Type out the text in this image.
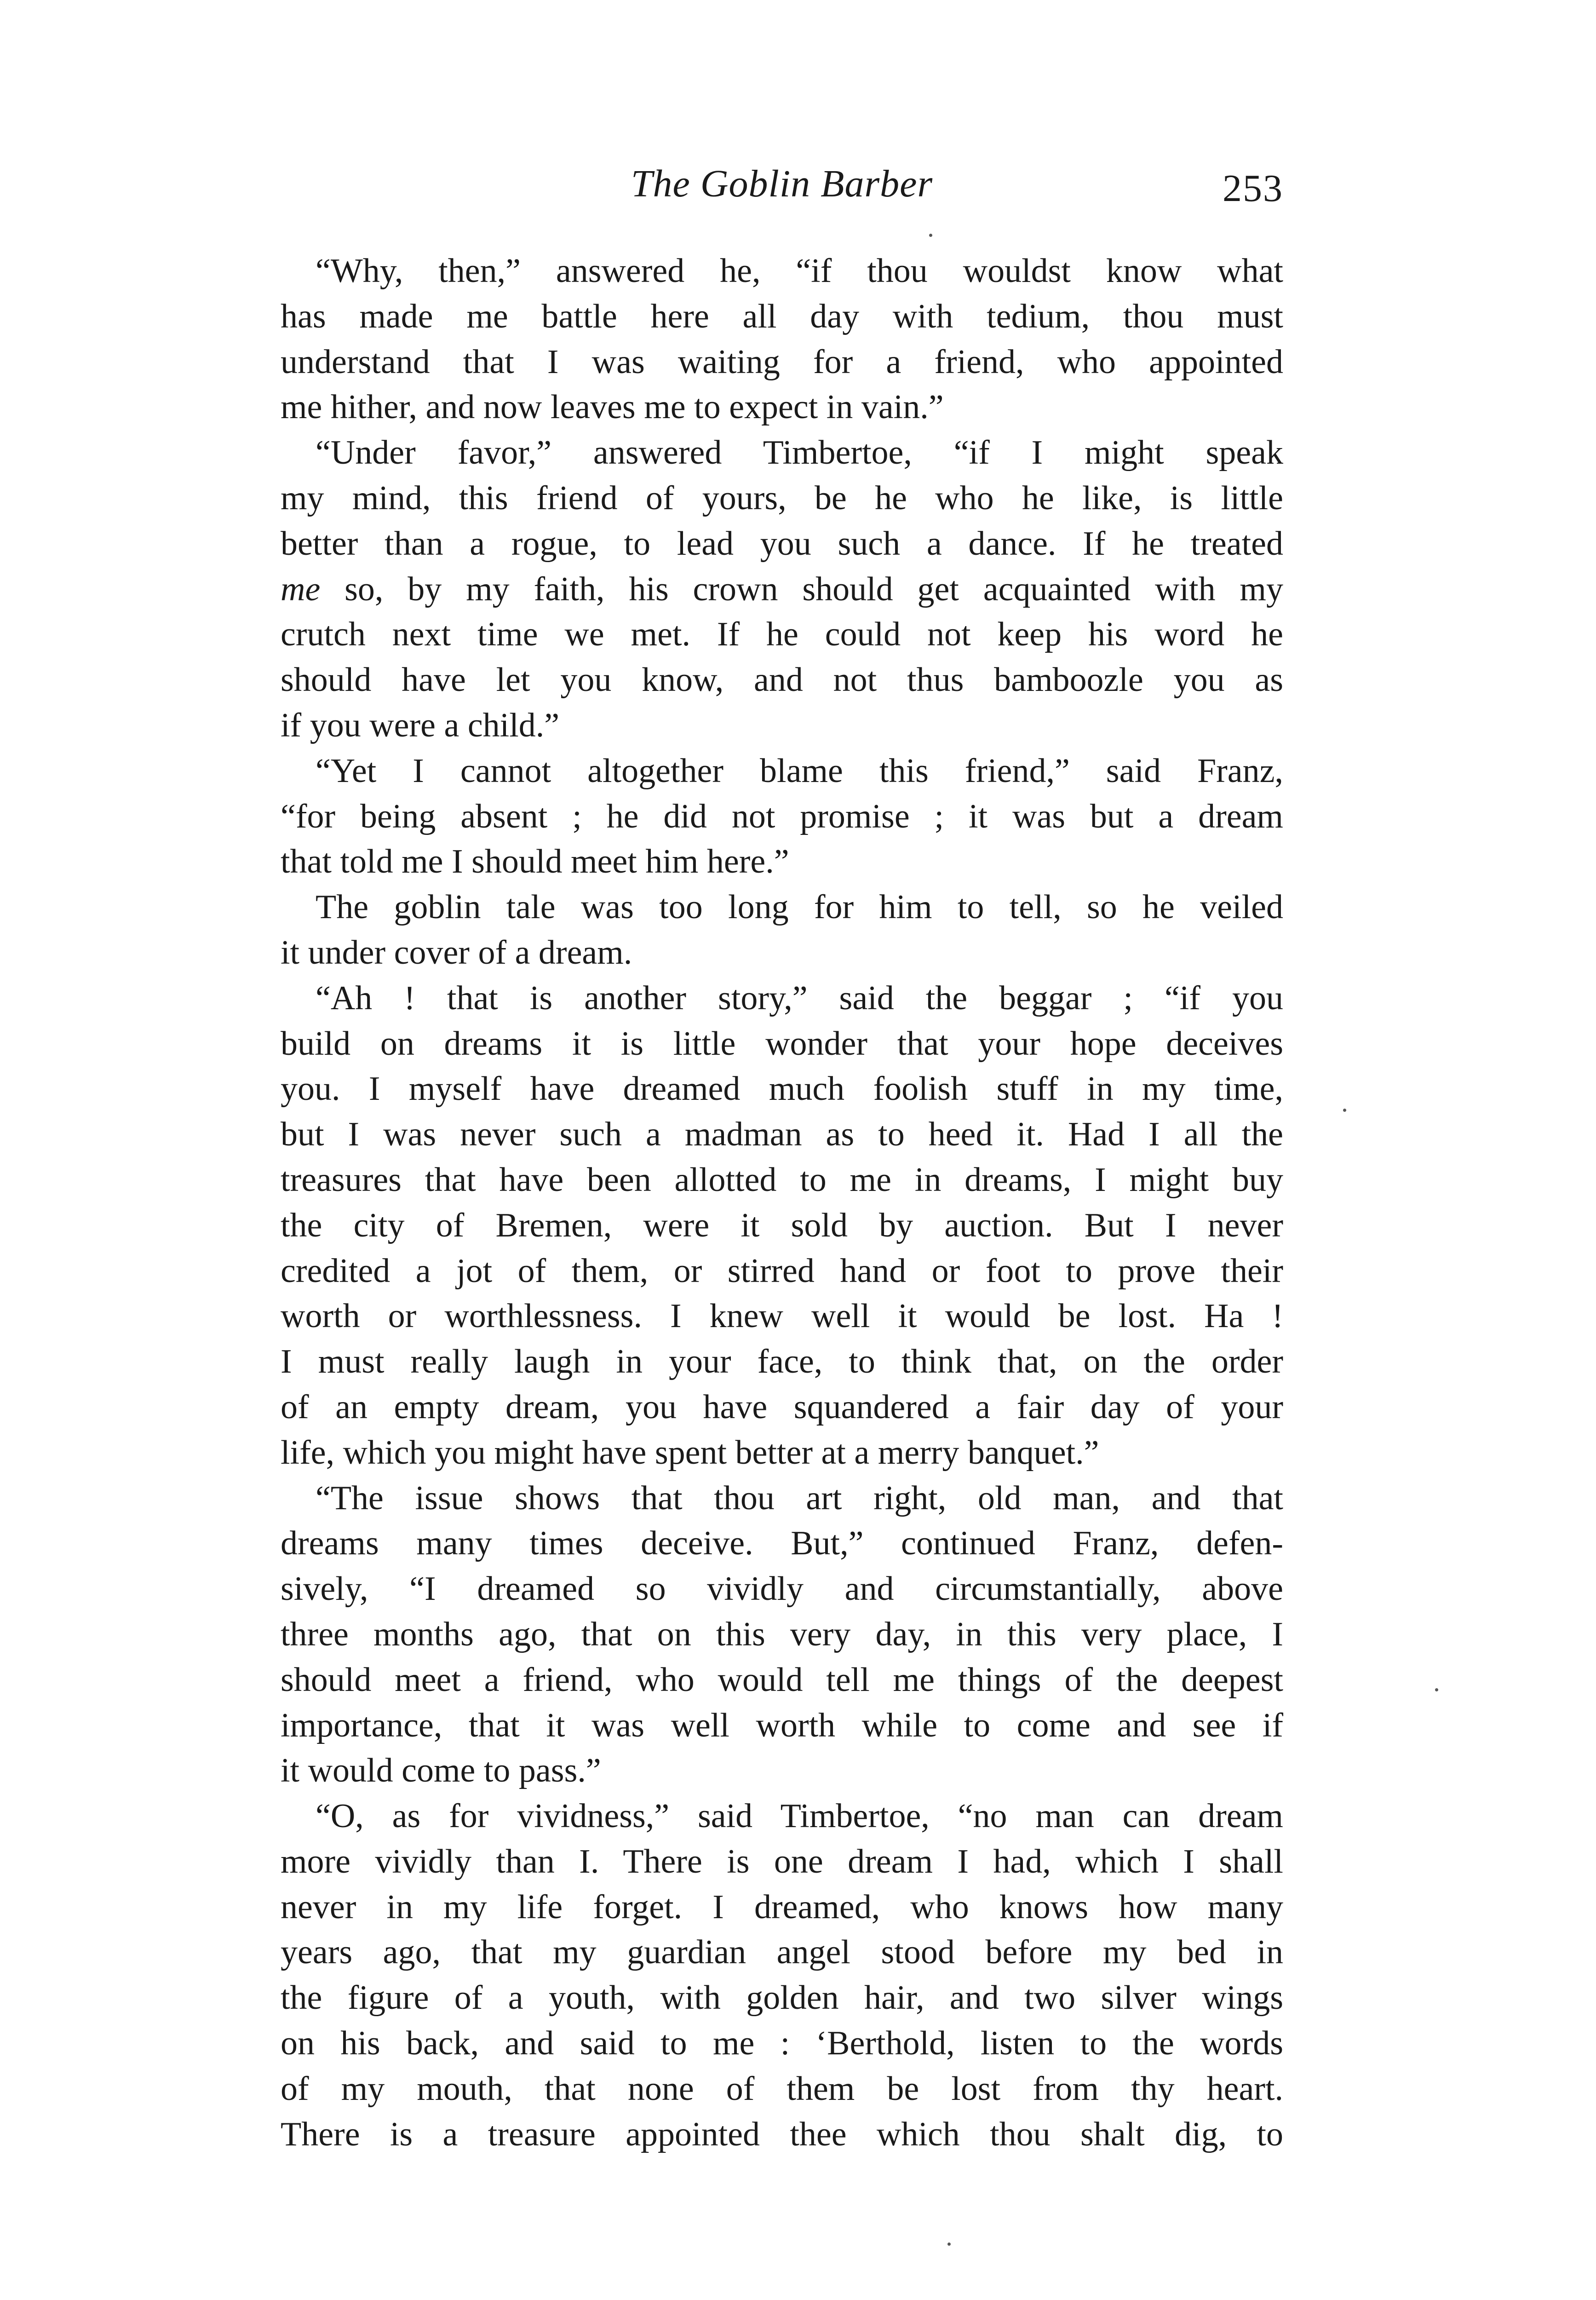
The Goblin Barber	253
“Why, then,” answered he, “if thou wouldst know what
has made me battle here all day with tedium, thou must
understand that I was waiting for a friend, who appointed
me hither, and now leaves me to expect in vain.”
“Under favor,” answered Timbertoe, “if I might speak
my mind, this friend of yours, be he who he like, is little
better than a rogue, to lead you such a dance. If he treated
me so, by my faith, his crown should get acquainted with my
crutch next time we met. If he could not keep his word he
should have let you know, and not thus bamboozle you as
if you were a child.”
“Yet I cannot altogether blame this friend,” said Franz,
“for being absent ; he did not promise ; it was but a dream
that told me I should meet him here.”
The goblin tale was too long for him to tell, so he veiled
it under cover of a dream.
“Ah ! that is another story,” said the beggar ; “if you
build on dreams it is little wonder that your hope deceives
you. I myself have dreamed much foolish stuff in my time,
but I was never such a madman as to heed it. Had I all the
treasures that have been allotted to me in dreams, I might buy
the city of Bremen, were it sold by auction. But I never
credited a jot of them, or stirred hand or foot to prove their
worth or worthlessness. I knew well it would be lost. Ha !
I must really laugh in your face, to think that, on the order
of an empty dream, you have squandered a fair day of your
life, which you might have spent better at a merry banquet.”
“The issue shows that thou art right, old man, and that
dreams many times deceive. But,” continued Franz, defen-
sively, “I dreamed so vividly and circumstantially, above
three months ago, that on this very day, in this very place, I
should meet a friend, who would tell me things of the deepest
importance, that it was well worth while to come and see if
it would come to pass.”
“O, as for vividness,” said Timbertoe, “no man can dream
more vividly than I. There is one dream I had, which I shall
never in my life forget. I dreamed, who knows how many
years ago, that my guardian angel stood before my bed in
the figure of a youth, with golden hair, and two silver wings
on his back, and said to me : ‘Berthold, listen to the words
of my mouth, that none of them be lost from thy heart.
There is a treasure appointed thee which thou shalt dig, to
